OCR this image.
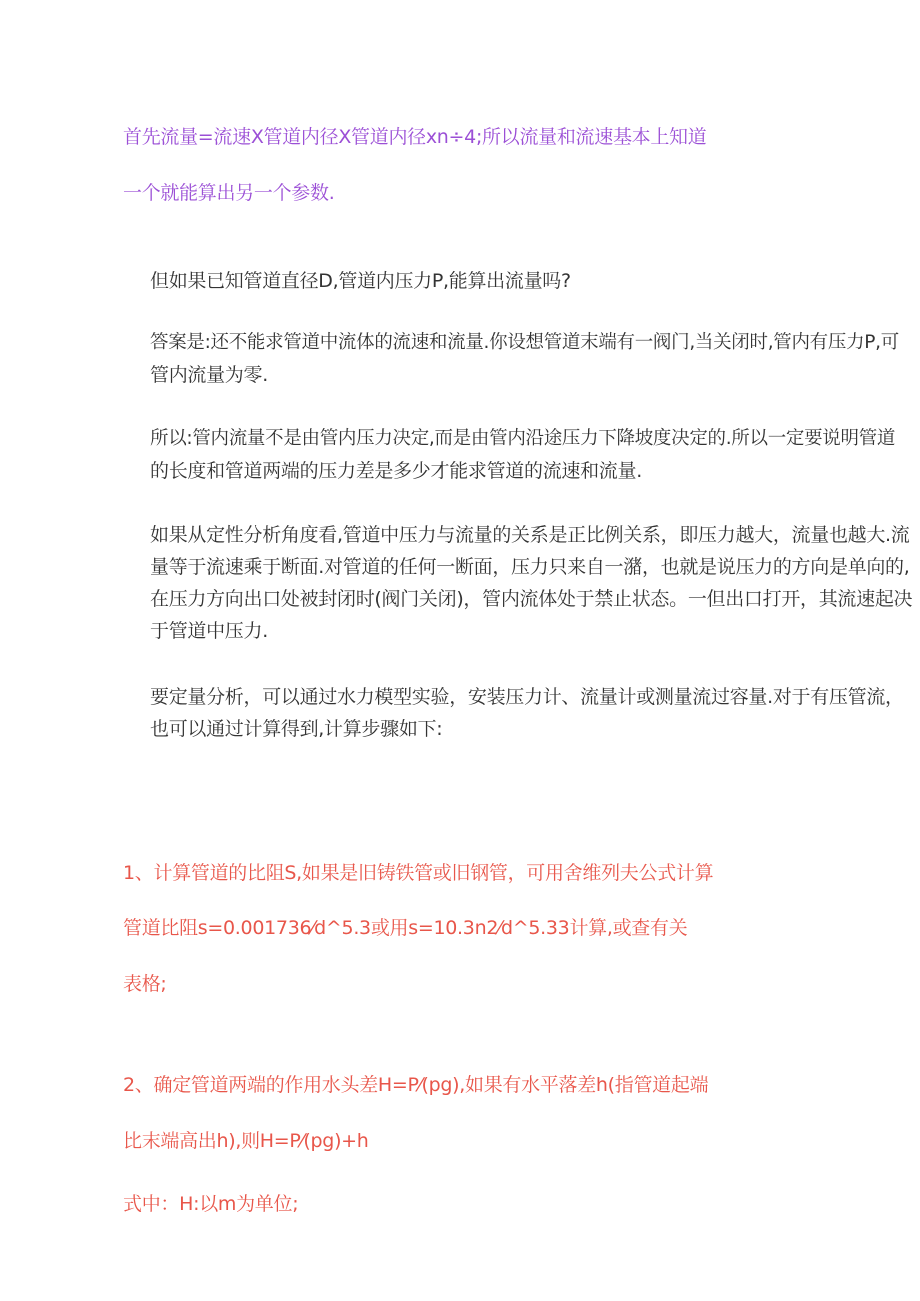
首先流量=流速X管道内径X管道内径xn÷4;所以流量和流速基本上知道
一个就能算出另一个参数.
但如果已知管道直径D,管道内压力P,能算出流量吗?
答案是:还不能求管道中流体的流速和流量.你设想管道末端有一阀门,当关闭时,管内有压力P,可
管内流量为零.
所以:管内流量不是由管内压力决定,而是由管内沿途压力下降坡度决定的.所以一定要说明管道
的长度和管道两端的压力差是多少才能求管道的流速和流量.
如果从定性分析角度看,管道中压力与流量的关系是正比例关系，即压力越大，流量也越大.流
量等于流速乘于断面.对管道的任何一断面，压力只来自一潴，也就是说压力的方向是单向的,
在压力方向出口处被封闭时(阀门关闭)，管内流体处于禁止状态。一但出口打开，其流速起决
于管道中压力.
要定量分析，可以通过水力模型实验，安装压力计、流量计或测量流过容量.对于有压管流，
也可以通过计算得到,计算步骤如下:
1、计算管道的比阻S,如果是旧铸铁管或旧钢管，可用舍维列夫公式计算
管道比阻s=0.001736⁄d^5.3或用s=10.3n2⁄d^5.33计算,或查有关
表格;
2、确定管道两端的作用水头差H=P⁄(pg),如果有水平落差h(指管道起端
比末端高出h),则H=P⁄(pg)+h
式中：H:以m为单位;
